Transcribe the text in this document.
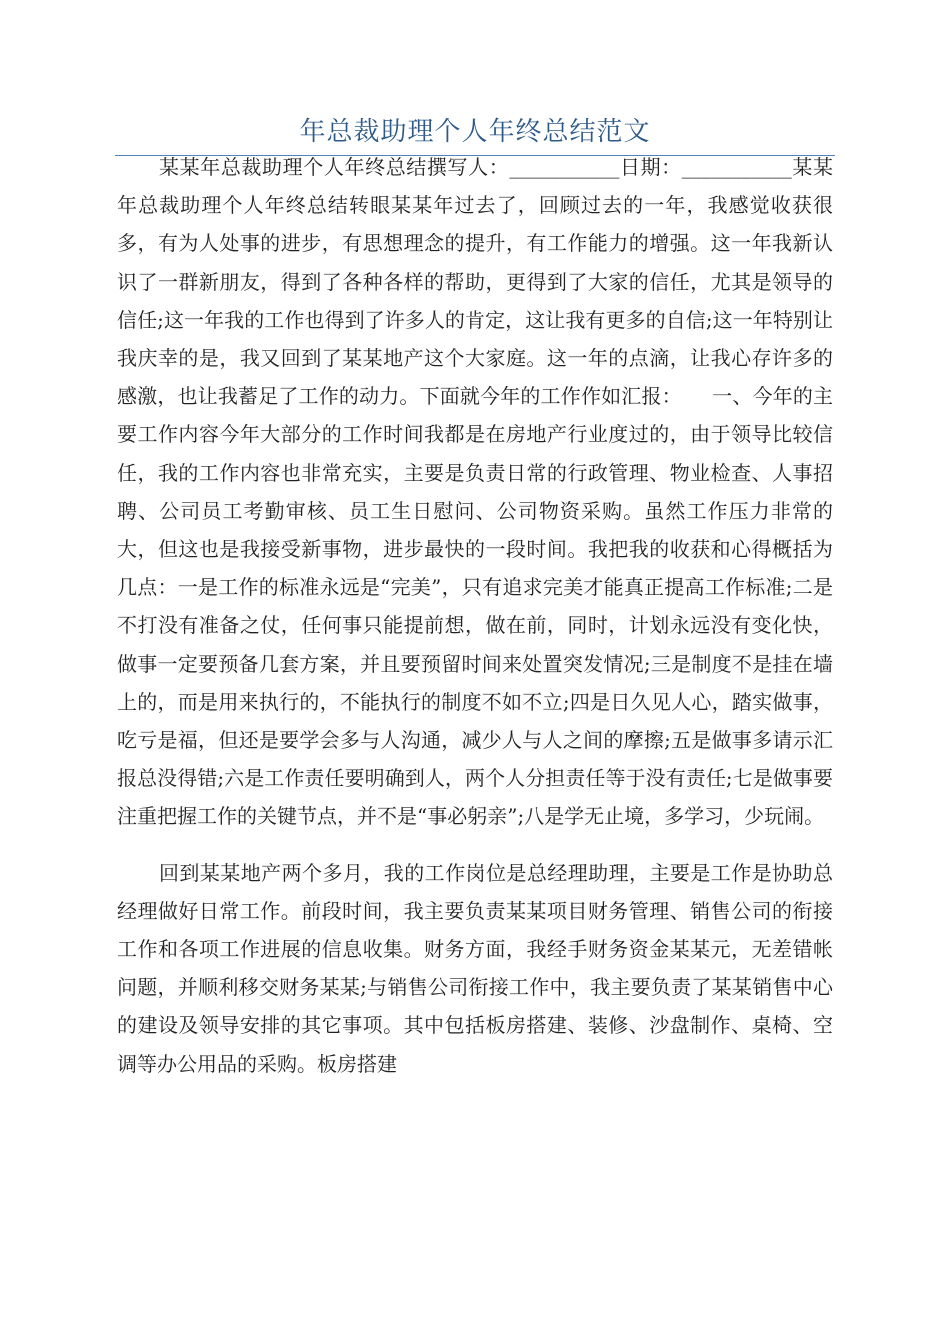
年总裁助理个人年终总结范文

某某年总裁助理个人年终总结撰写人：___________日期：___________某某年总裁助理个人年终总结转眼某某年过去了，回顾过去的一年，我感觉收获很多，有为人处事的进步，有思想理念的提升，有工作能力的增强。这一年我新认识了一群新朋友，得到了各种各样的帮助，更得到了大家的信任，尤其是领导的信任;这一年我的工作也得到了许多人的肯定，这让我有更多的自信;这一年特别让我庆幸的是，我又回到了某某地产这个大家庭。这一年的点滴，让我心存许多的感激，也让我蓄足了工作的动力。下面就今年的工作作如汇报：　　一、今年的主要工作内容今年大部分的工作时间我都是在房地产行业度过的，由于领导比较信任，我的工作内容也非常充实，主要是负责日常的行政管理、物业检查、人事招聘、公司员工考勤审核、员工生日慰问、公司物资采购。虽然工作压力非常的大，但这也是我接受新事物，进步最快的一段时间。我把我的收获和心得概括为几点：一是工作的标准永远是“完美”，只有追求完美才能真正提高工作标准;二是不打没有准备之仗，任何事只能提前想，做在前，同时，计划永远没有变化快，做事一定要预备几套方案，并且要预留时间来处置突发情况;三是制度不是挂在墙上的，而是用来执行的，不能执行的制度不如不立;四是日久见人心，踏实做事，吃亏是福，但还是要学会多与人沟通，减少人与人之间的摩擦;五是做事多请示汇报总没得错;六是工作责任要明确到人，两个人分担责任等于没有责任;七是做事要注重把握工作的关键节点，并不是“事必躬亲”;八是学无止境，多学习，少玩闹。

回到某某地产两个多月，我的工作岗位是总经理助理，主要是工作是协助总经理做好日常工作。前段时间，我主要负责某某项目财务管理、销售公司的衔接工作和各项工作进展的信息收集。财务方面，我经手财务资金某某元，无差错帐问题，并顺利移交财务某某;与销售公司衔接工作中，我主要负责了某某销售中心的建设及领导安排的其它事项。其中包括板房搭建、装修、沙盘制作、桌椅、空调等办公用品的采购。板房搭建
